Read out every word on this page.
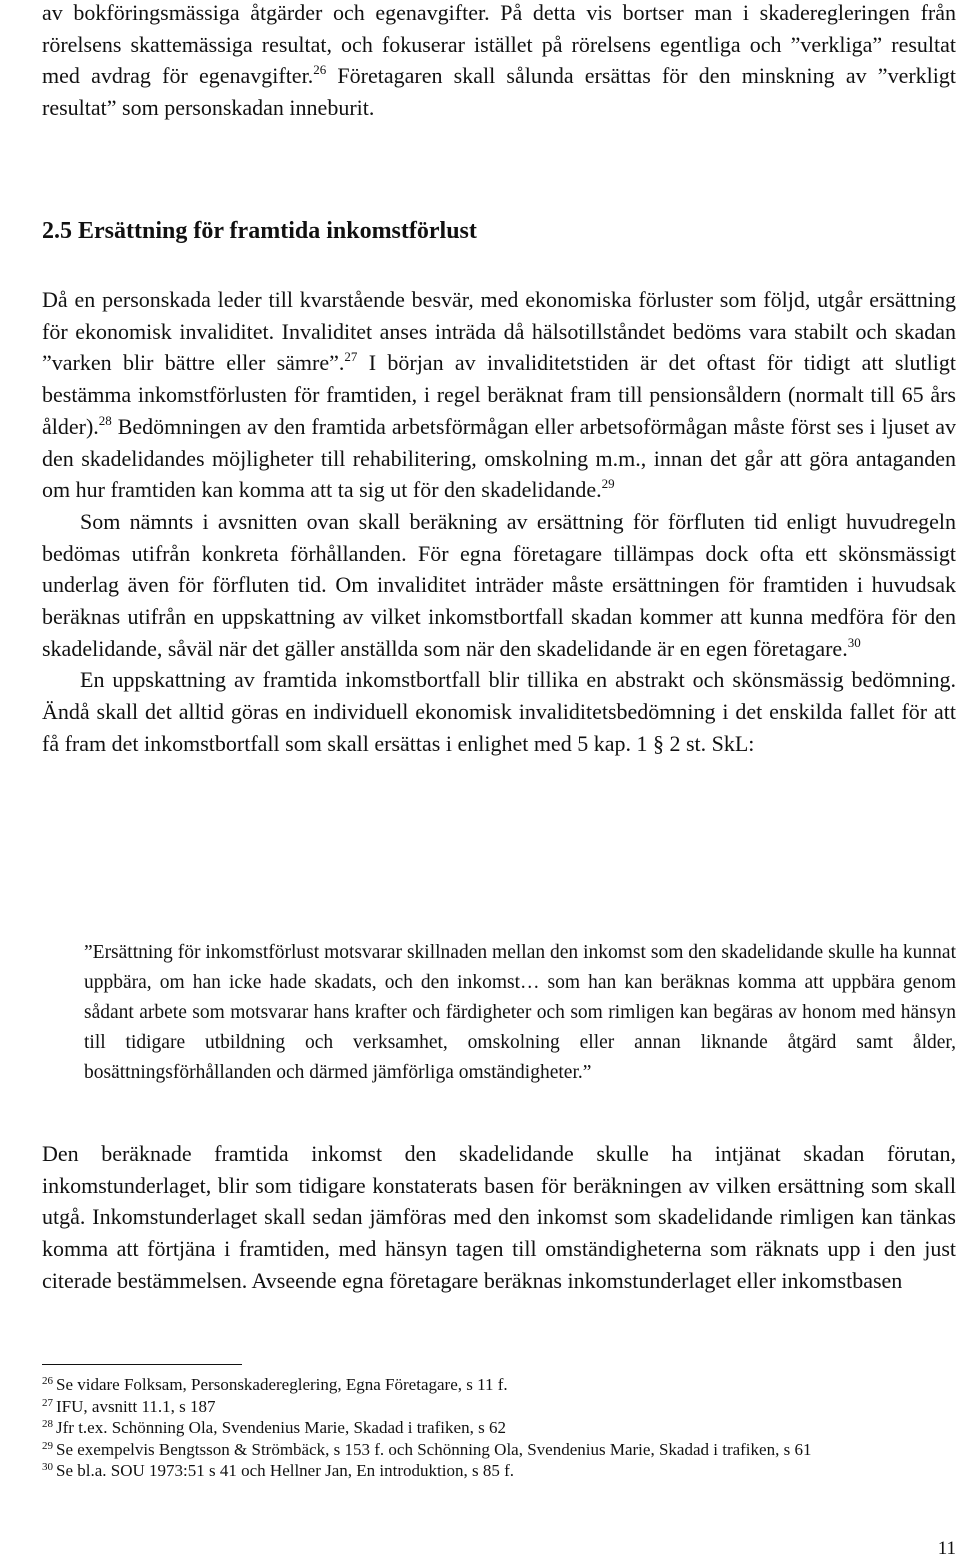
av bokföringsmässiga åtgärder och egenavgifter. På detta vis bortser man i skaderegleringen från rörelsens skattemässiga resultat, och fokuserar istället på rörelsens egentliga och ”verkliga” resultat med avdrag för egenavgifter.$^{26}$ Företagaren skall sålunda ersättas för den minskning av ”verkligt resultat” som personskadan inneburit.

2.5 Ersättning för framtida inkomstförlust

Då en personskada leder till kvarstående besvär, med ekonomiska förluster som följd, utgår ersättning för ekonomisk invaliditet. Invaliditet anses inträda då hälsotillståndet bedöms vara stabilt och skadan ”varken blir bättre eller sämre”.$^{27}$ I början av invaliditetstiden är det oftast för tidigt att slutligt bestämma inkomstförlusten för framtiden, i regel beräknat fram till pensionsåldern (normalt till 65 års ålder).$^{28}$ Bedömningen av den framtida arbetsförmågan eller arbetsoförmågan måste först ses i ljuset av den skadelidandes möjligheter till rehabilitering, omskolning m.m., innan det går att göra antaganden om hur framtiden kan komma att ta sig ut för den skadelidande.$^{29}$

Som nämnts i avsnitten ovan skall beräkning av ersättning för förfluten tid enligt huvudregeln bedömas utifrån konkreta förhållanden. För egna företagare tillämpas dock ofta ett skönsmässigt underlag även för förfluten tid. Om invaliditet inträder måste ersättningen för framtiden i huvudsak beräknas utifrån en uppskattning av vilket inkomstbortfall skadan kommer att kunna medföra för den skadelidande, såväl när det gäller anställda som när den skadelidande är en egen företagare.$^{30}$

En uppskattning av framtida inkomstbortfall blir tillika en abstrakt och skönsmässig bedömning. Ändå skall det alltid göras en individuell ekonomisk invaliditetsbedömning i det enskilda fallet för att få fram det inkomstbortfall som skall ersättas i enlighet med 5 kap. 1 § 2 st. SkL:

”Ersättning för inkomstförlust motsvarar skillnaden mellan den inkomst som den skadelidande skulle ha kunnat uppbära, om han icke hade skadats, och den inkomst… som han kan beräknas komma att uppbära genom sådant arbete som motsvarar hans krafter och färdigheter och som rimligen kan begäras av honom med hänsyn till tidigare utbildning och verksamhet, omskolning eller annan liknande åtgärd samt ålder, bosättningsförhållanden och därmed jämförliga omständigheter.”

Den beräknade framtida inkomst den skadelidande skulle ha intjänat skadan förutan, inkomstunderlaget, blir som tidigare konstaterats basen för beräkningen av vilken ersättning som skall utgå. Inkomstunderlaget skall sedan jämföras med den inkomst som skadelidande rimligen kan tänkas komma att förtjäna i framtiden, med hänsyn tagen till omständigheterna som räknats upp i den just citerade bestämmelsen. Avseende egna företagare beräknas inkomstunderlaget eller inkomstbasen

$^{26}$ Se vidare Folksam, Personskadereglering, Egna Företagare, s 11 f.

$^{27}$ IFU, avsnitt 11.1, s 187

$^{28}$ Jfr t.ex. Schönning Ola, Svendenius Marie, Skadad i trafiken, s 62

$^{29}$ Se exempelvis Bengtsson & Strömbäck, s 153 f. och Schönning Ola, Svendenius Marie, Skadad i trafiken, s 61

$^{30}$ Se bl.a. SOU 1973:51 s 41 och Hellner Jan, En introduktion, s 85 f.

11
